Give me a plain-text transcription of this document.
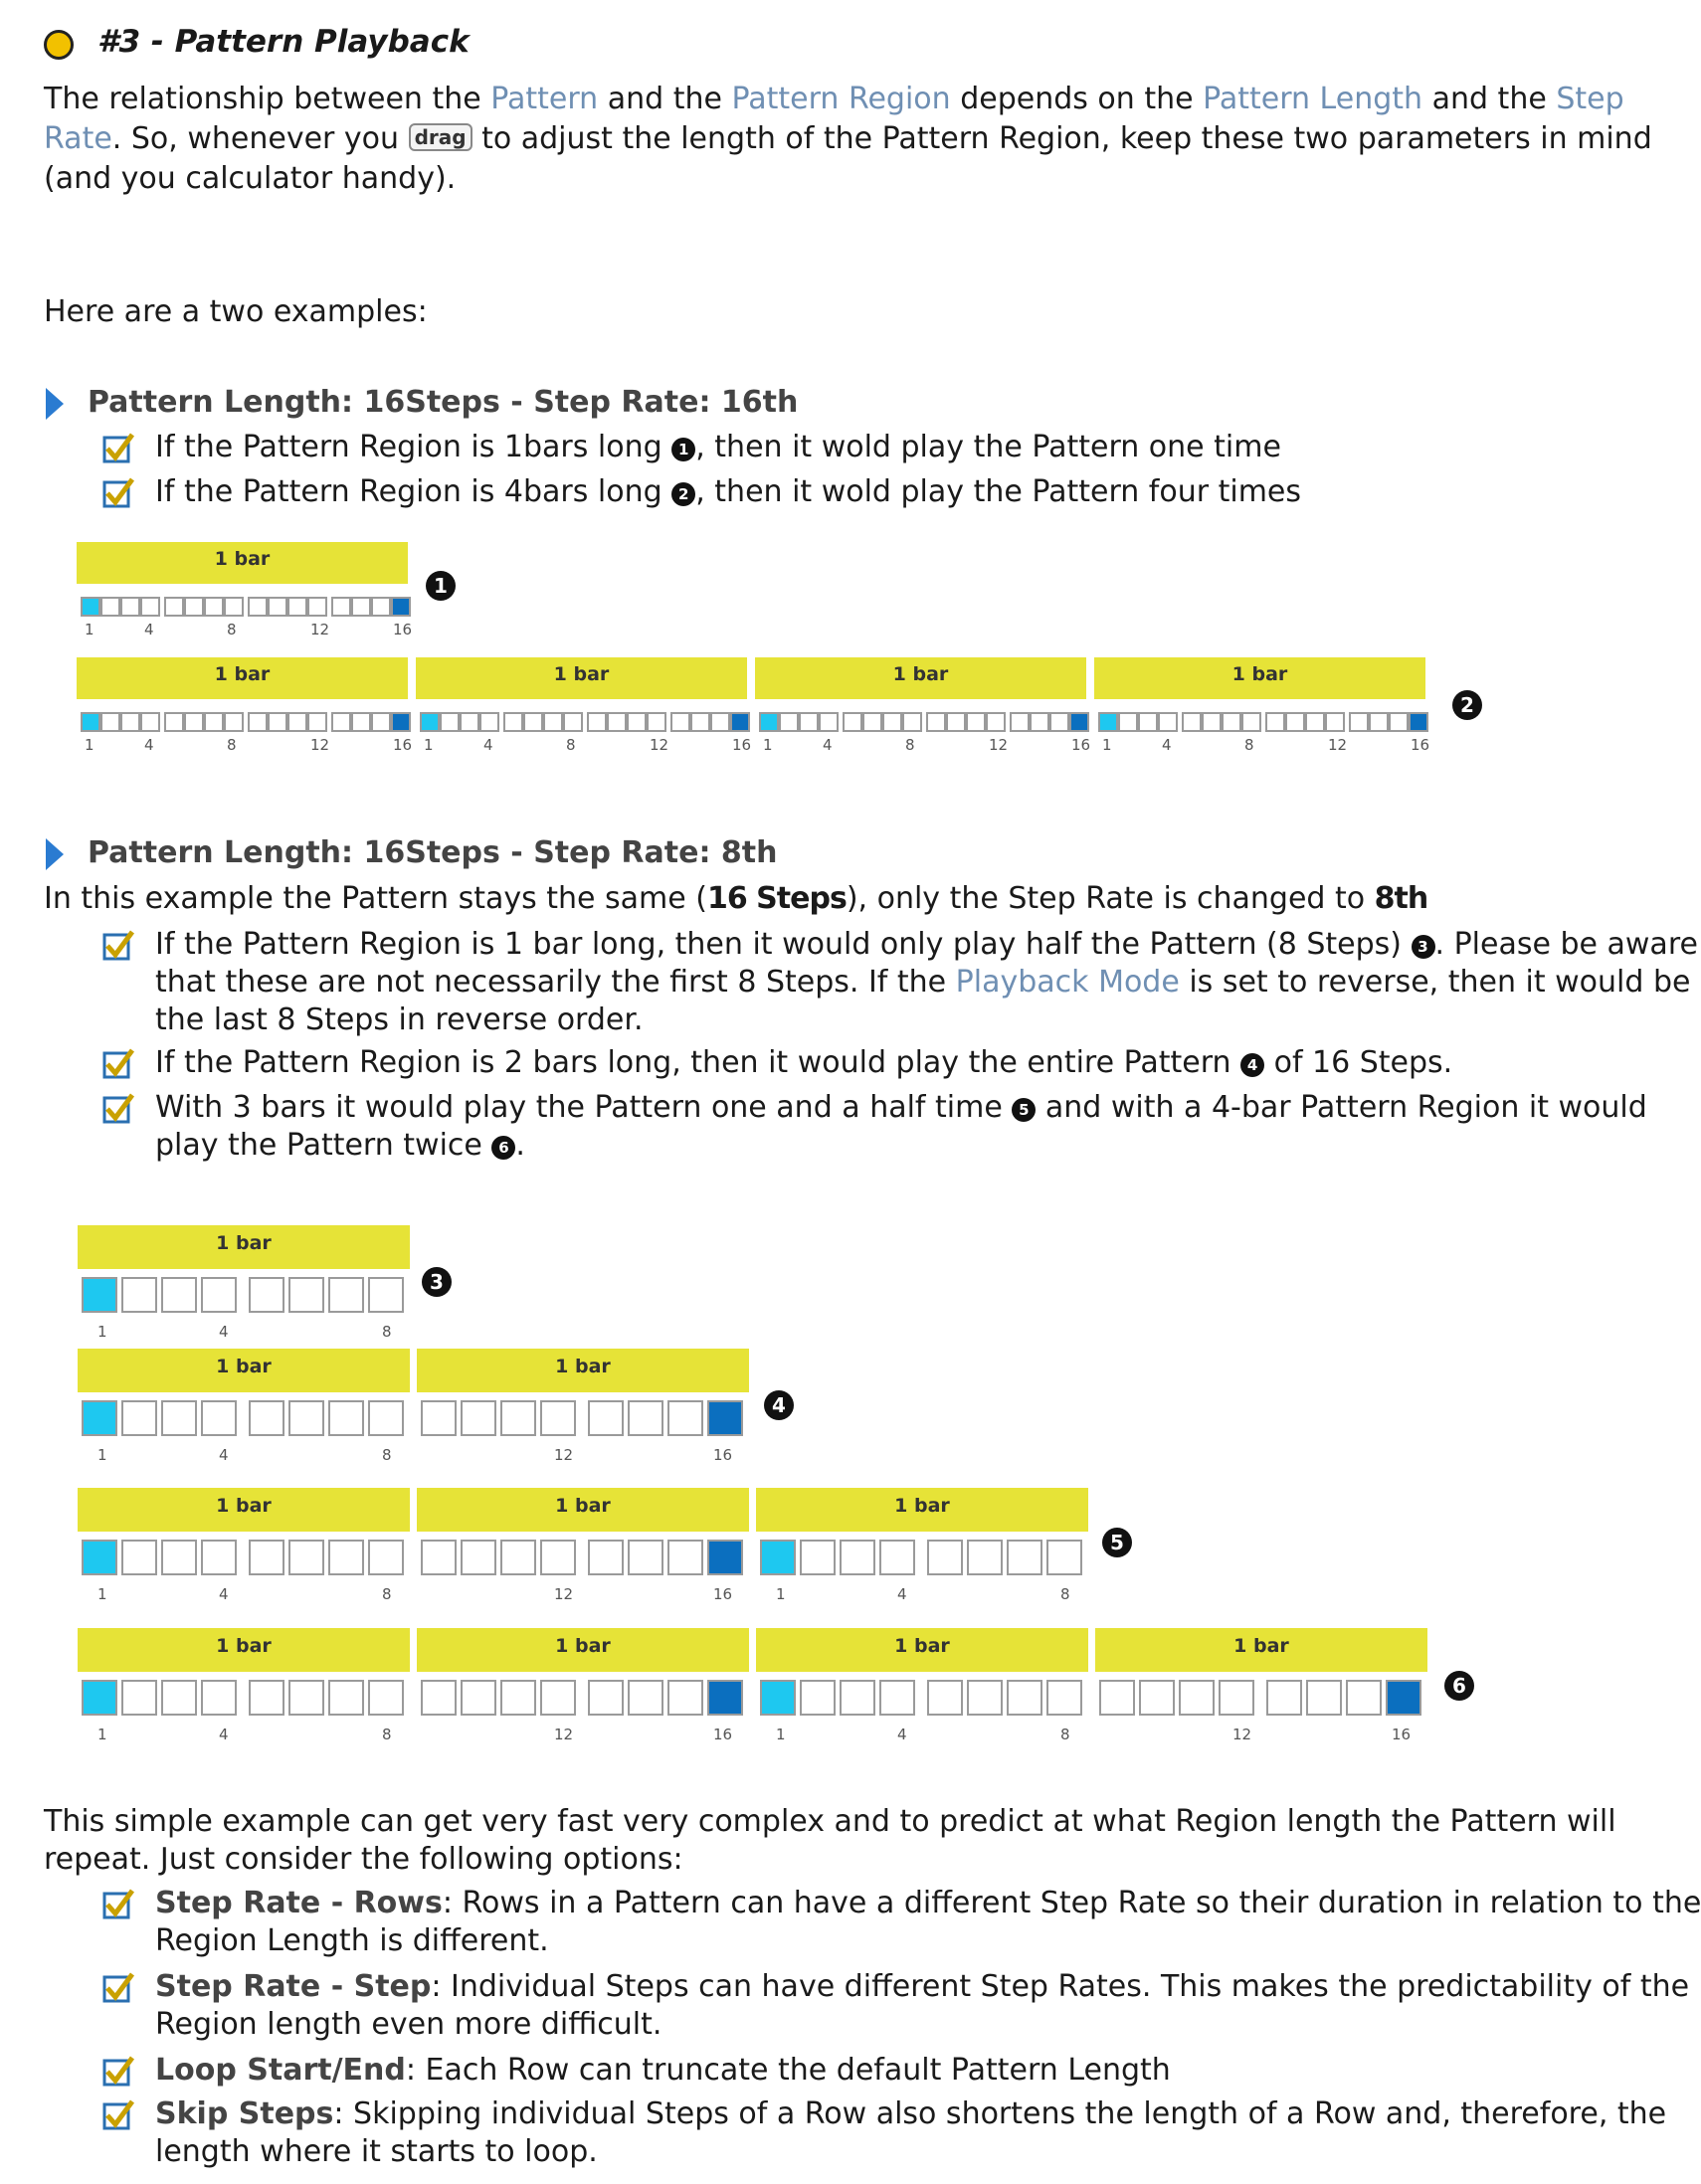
#3 - Pattern Playback
The relationship between the Pattern and the Pattern Region depends on the Pattern Length and the Step
Rate. So, whenever you drag to adjust the length of the Pattern Region, keep these two parameters in mind
(and you calculator handy).
Here are a two examples:
Pattern Length: 16Steps - Step Rate: 16th
If the Pattern Region is 1bars long 1 , then it wold play the Pattern one time
If the Pattern Region is 4bars long 2 , then it wold play the Pattern four times
Pattern Length: 16Steps - Step Rate: 8th
In this example the Pattern stays the same (16 Steps), only the Step Rate is changed to 8th
If the Pattern Region is 1 bar long, then it would only play half the Pattern (8 Steps) 3 . Please be aware
that these are not necessarily the first 8 Steps. If the Playback Mode is set to reverse, then it would be
the last 8 Steps in reverse order.
If the Pattern Region is 2 bars long, then it would play the entire Pattern 4 of 16 Steps.
With 3 bars it would play the Pattern one and a half time 5 and with a 4-bar Pattern Region it would
play the Pattern twice 6 .
This simple example can get very fast very complex and to predict at what Region length the Pattern will
repeat. Just consider the following options:
Step Rate - Rows: Rows in a Pattern can have a different Step Rate so their duration in relation to the
Region Length is different.
Step Rate - Step: Individual Steps can have different Step Rates. This makes the predictability of the
Region length even more difficult.
Loop Start/End: Each Row can truncate the default Pattern Length
Skip Steps: Skipping individual Steps of a Row also shortens the length of a Row and, therefore, the
length where it starts to loop.
1 bar
1	4	8	12	16
1
1 bar
1	4	8	12	16
1 bar
1	4	8	12	16
1 bar
1	4	8	12	16
1 bar
1	4	8	12	16
2
1 bar
1	4	8
3
1 bar
1	4	8
1 bar
12	16
4
1 bar
1	4	8
1 bar
12	16
1 bar
1	4	8
5
1 bar
1	4	8
1 bar
12	16
1 bar
1	4	8
1 bar
12	16
6
